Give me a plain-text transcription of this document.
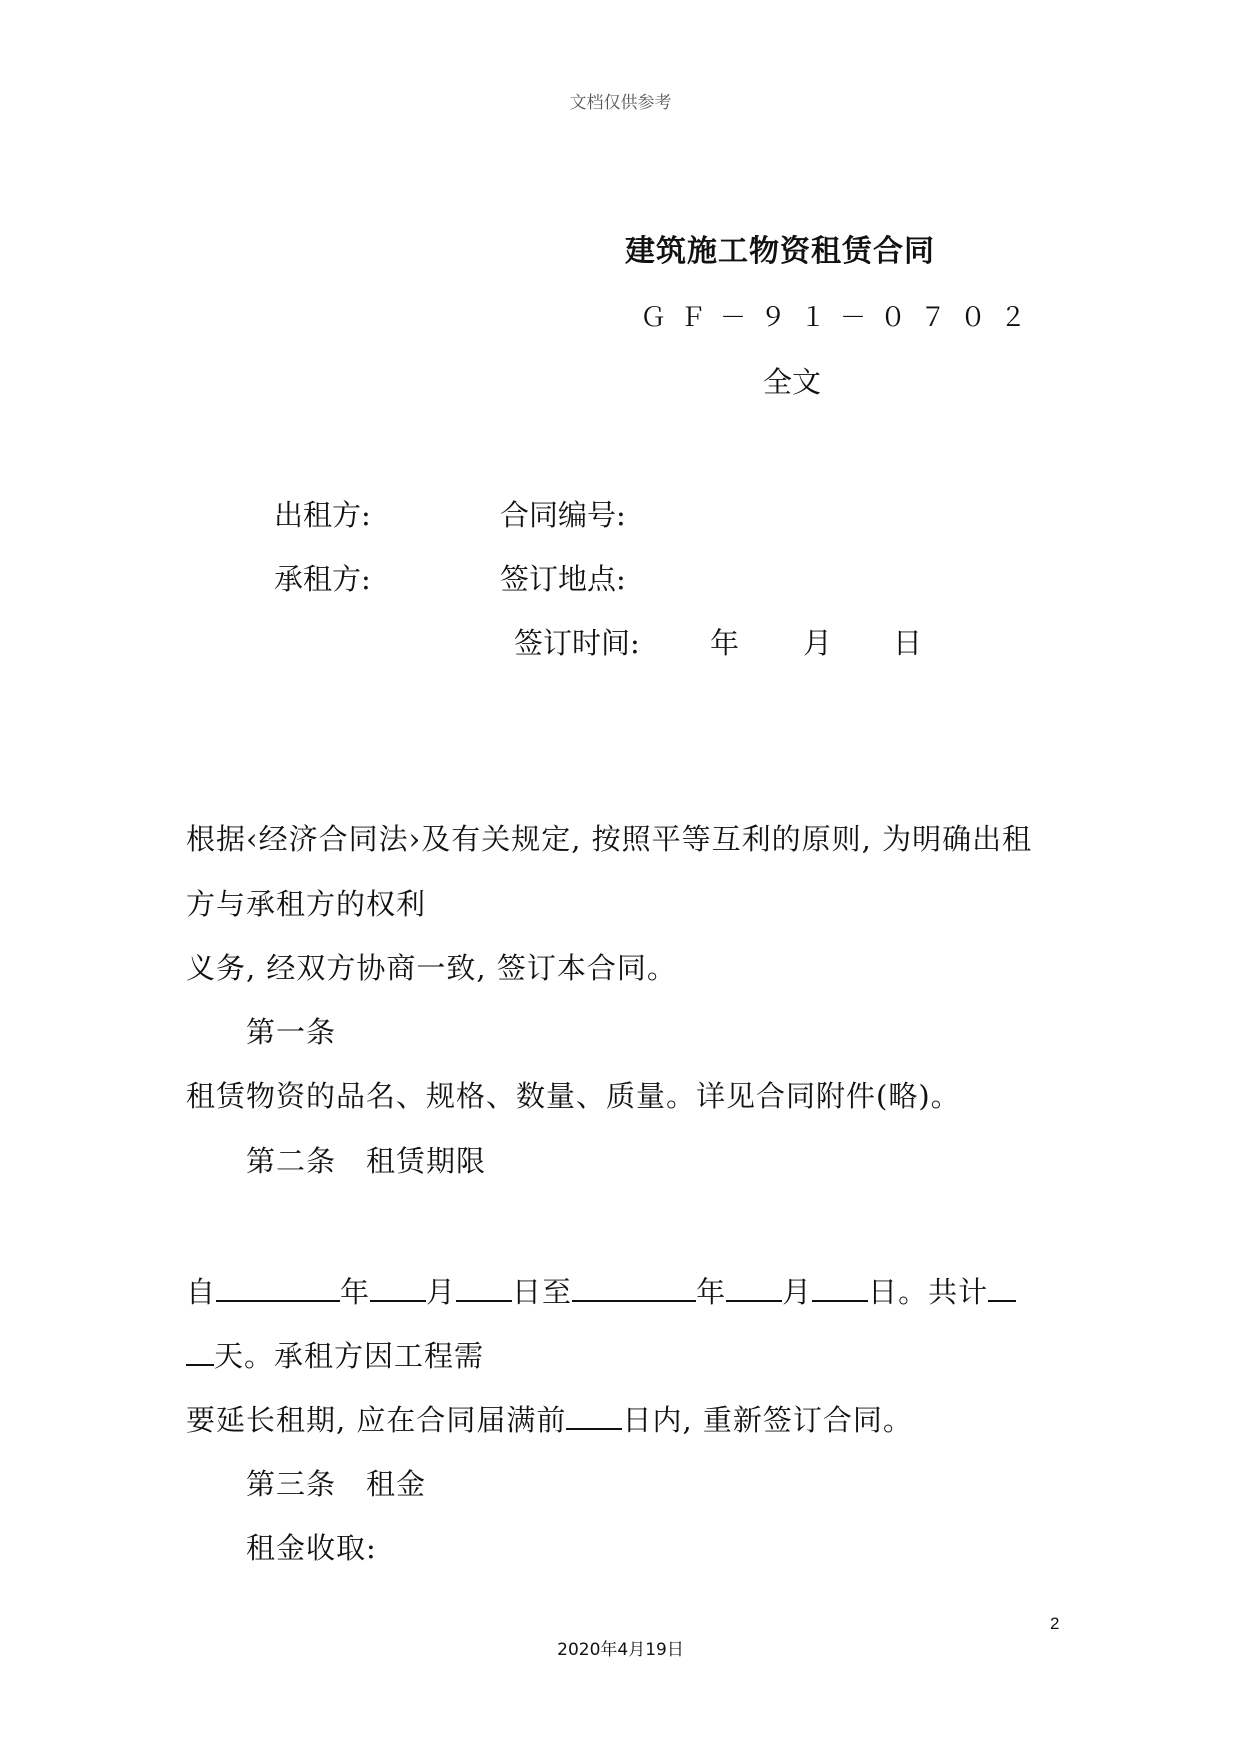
文档仅供参考
建筑施工物资租赁合同
ＧＦ－９１－０７０２
全文
出租方:	合同编号:
承租方:	签订地点:
签订时间: 年 月 日
根据‹经济合同法›及有关规定, 按照平等互利的原则, 为明确出租
方与承租方的权利
义务, 经双方协商一致, 签订本合同。
第一条
租赁物资的品名、规格、数量、质量。详见合同附件(略)。
第二条　租赁期限
自	年 月 日至	年 月 日。共计
天。承租方因工程需
要延长租期, 应在合同届满前 日内, 重新签订合同。
第三条　租金
租金收取:
2
2020年4月19日
